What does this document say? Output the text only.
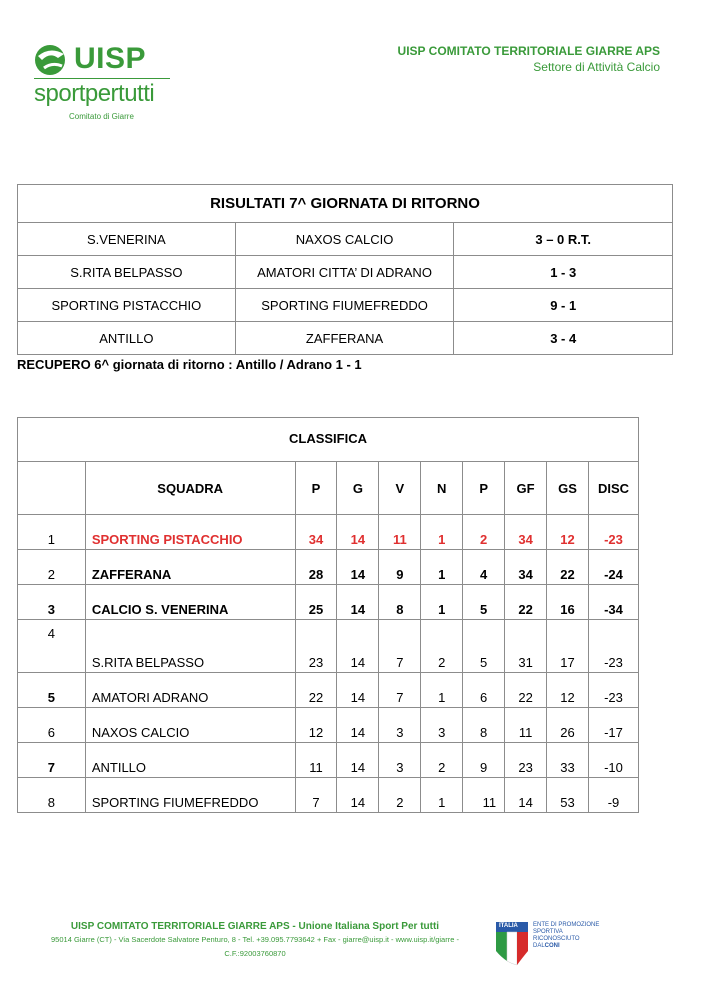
UISP
sportpertutti
Comitato di Giarre
UISP COMITATO TERRITORIALE GIARRE APS
Settore di Attività Calcio
RISULTATI 7^ GIORNATA DI RITORNO		
S.VENERINA	NAXOS CALCIO	3 – 0 R.T.
S.RITA BELPASSO	AMATORI CITTA’ DI ADRANO	1 - 3
SPORTING PISTACCHIO	SPORTING FIUMEFREDDO	9 - 1
ANTILLO	ZAFFERANA	3 - 4
RECUPERO 6^ giornata di ritorno : Antillo / Adrano 1 - 1
CLASSIFICA									
	SQUADRA	P	G	V	N	P	GF	GS	DISC
1	SPORTING PISTACCHIO	34	14	11	1	2	34	12	-23
2	ZAFFERANA	28	14	9	1	4	34	22	-24
3	CALCIO S. VENERINA	25	14	8	1	5	22	16	-34
4	S.RITA BELPASSO	23	14	7	2	5	31	17	-23
5	AMATORI ADRANO	22	14	7	1	6	22	12	-23
6	NAXOS CALCIO	12	14	3	3	8	11	26	-17
7	ANTILLO	11	14	3	2	9	23	33	-10
8	SPORTING FIUMEFREDDO	7	14	2	1	11	14	53	-9
UISP COMITATO TERRITORIALE GIARRE APS - Unione Italiana Sport Per tutti
95014 Giarre (CT) - Via Sacerdote Salvatore Penturo, 8 - Tel. +39.095.7793642 + Fax - giarre@uisp.it - www.uisp.it/giarre -
C.F.:92003760870
ITALIA	ENTE DI PROMOZIONE
SPORTIVA
RICONOSCIUTO
DALCONI
